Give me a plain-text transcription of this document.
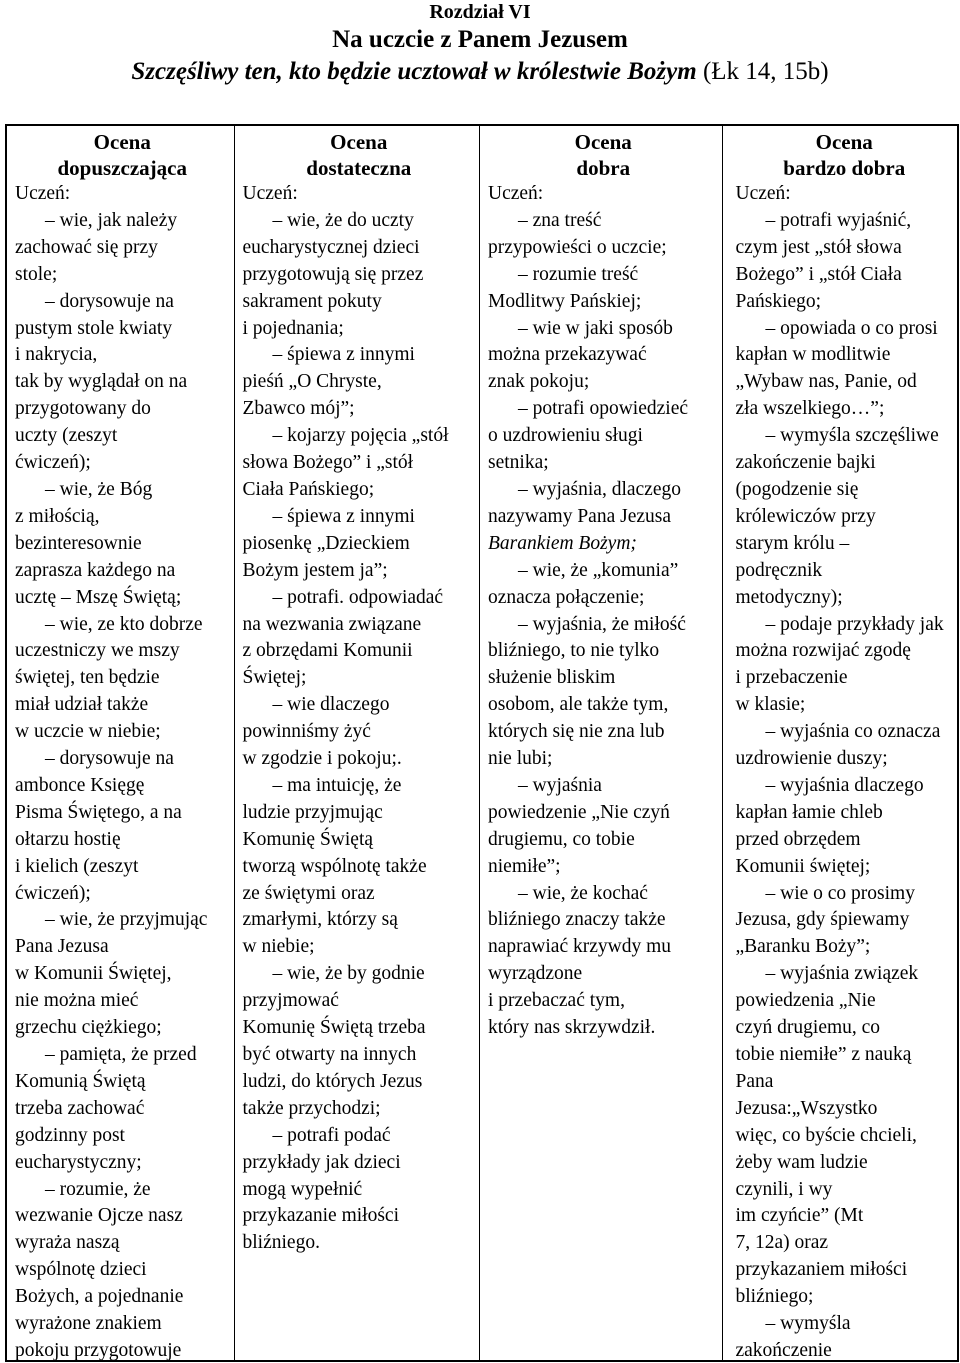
Rozdział VI
Na uczcie z Panem Jezusem
Szczęśliwy ten, kto będzie ucztował w królestwie Bożym (Łk 14, 15b)
Ocena
dopuszczająca
Uczeń:
– wie, jak należy
zachować się przy
stole;
– dorysowuje na
pustym stole kwiaty
i nakrycia,
tak by wyglądał on na
przygotowany do
uczty (zeszyt
ćwiczeń);
– wie, że Bóg
z miłością,
bezinteresownie
zaprasza każdego na
ucztę – Mszę Świętą;
– wie, ze kto dobrze
uczestniczy we mszy
świętej, ten będzie
miał udział także
w uczcie w niebie;
– dorysowuje na
ambonce Księgę
Pisma Świętego, a na
ołtarzu hostię
i kielich (zeszyt
ćwiczeń);
– wie, że przyjmując
Pana Jezusa
w Komunii Świętej,
nie można mieć
grzechu ciężkiego;
– pamięta, że przed
Komunią Świętą
trzeba zachować
godzinny post
eucharystyczny;
– rozumie, że
wezwanie Ojcze nasz
wyraża naszą
wspólnotę dzieci
Bożych, a pojednanie
wyrażone znakiem
pokoju przygotowuje
Ocena
dostateczna
Uczeń:
– wie, że do uczty
eucharystycznej dzieci
przygotowują się przez
sakrament pokuty
i pojednania;
– śpiewa z innymi
pieśń „O Chryste,
Zbawco mój”;
– kojarzy pojęcia „stół
słowa Bożego” i „stół
Ciała Pańskiego;
– śpiewa z innymi
piosenkę „Dzieckiem
Bożym jestem ja”;
– potrafi. odpowiadać
na wezwania związane
z obrzędami Komunii
Świętej;
– wie dlaczego
powinniśmy żyć
w zgodzie i pokoju;.
– ma intuicję, że
ludzie przyjmując
Komunię Świętą
tworzą wspólnotę także
ze świętymi oraz
zmarłymi, którzy są
w niebie;
– wie, że by godnie
przyjmować
Komunię Świętą trzeba
być otwarty na innych
ludzi, do których Jezus
także przychodzi;
– potrafi podać
przykłady jak dzieci
mogą wypełnić
przykazanie miłości
bliźniego.
Ocena
dobra
Uczeń:
– zna treść
przypowieści o uczcie;
– rozumie treść
Modlitwy Pańskiej;
– wie w jaki sposób
można przekazywać
znak pokoju;
– potrafi opowiedzieć
o uzdrowieniu sługi
setnika;
– wyjaśnia, dlaczego
nazywamy Pana Jezusa
Barankiem Bożym;
– wie, że „komunia”
oznacza połączenie;
– wyjaśnia, że miłość
bliźniego, to nie tylko
służenie bliskim
osobom, ale także tym,
których się nie zna lub
nie lubi;
– wyjaśnia
powiedzenie „Nie czyń
drugiemu, co tobie
niemiłe”;
– wie, że kochać
bliźniego znaczy także
naprawiać krzywdy mu
wyrządzone
i przebaczać tym,
który nas skrzywdził.
Ocena
bardzo dobra
Uczeń:
– potrafi wyjaśnić,
czym jest „stół słowa
Bożego” i „stół Ciała
Pańskiego;
– opowiada o co prosi
kapłan w modlitwie
„Wybaw nas, Panie, od
zła wszelkiego…”;
– wymyśla szczęśliwe
zakończenie bajki
(pogodzenie się
królewiczów przy
starym królu –
podręcznik
metodyczny);
– podaje przykłady jak
można rozwijać zgodę
i przebaczenie
w klasie;
– wyjaśnia co oznacza
uzdrowienie duszy;
– wyjaśnia dlaczego
kapłan łamie chleb
przed obrzędem
Komunii świętej;
– wie o co prosimy
Jezusa, gdy śpiewamy
„Baranku Boży”;
– wyjaśnia związek
powiedzenia „Nie
czyń drugiemu, co
tobie niemiłe” z nauką
Pana
Jezusa:„Wszystko
więc, co byście chcieli,
żeby wam ludzie
czynili, i wy
im czyńcie” (Mt
7, 12a) oraz
przykazaniem miłości
bliźniego;
– wymyśla
zakończenie
